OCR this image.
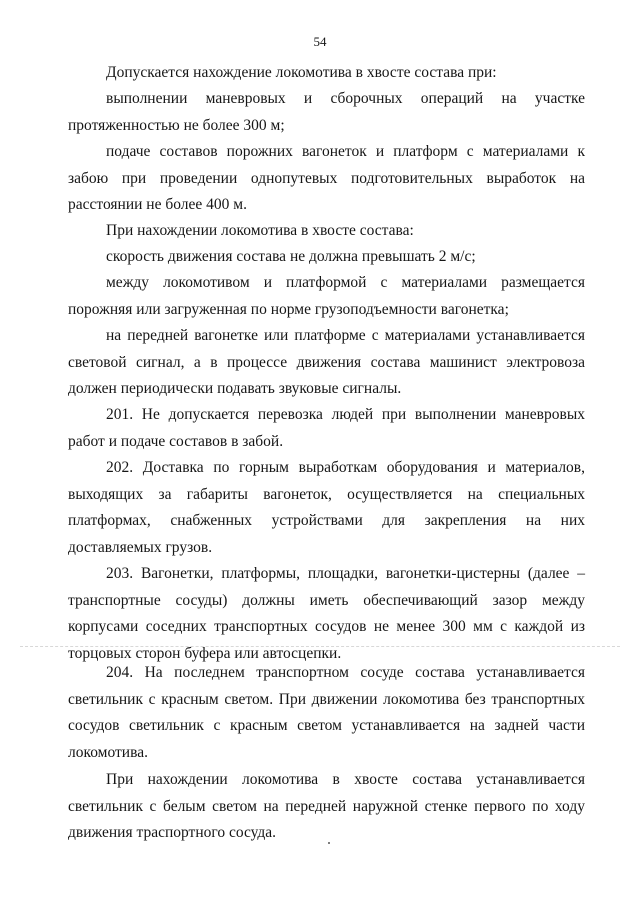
54

Допускается нахождение локомотива в хвосте состава при:

выполнении маневровых и сборочных операций на участке протяженностью не более 300 м;

подаче составов порожних вагонеток и платформ с материалами к забою при проведении однопутевых подготовительных выработок на расстоянии не более 400 м.

При нахождении локомотива в хвосте состава:

скорость движения состава не должна превышать 2 м/с;

между локомотивом и платформой с материалами размещается порожняя или загруженная по норме грузоподъемности вагонетка;

на передней вагонетке или платформе с материалами устанавливается световой сигнал, а в процессе движения состава машинист электровоза должен периодически подавать звуковые сигналы.

201. Не допускается перевозка людей при выполнении маневровых работ и подаче составов в забой.

202. Доставка по горным выработкам оборудования и материалов, выходящих за габариты вагонеток, осуществляется на специальных платформах, снабженных устройствами для закрепления на них доставляемых грузов.

203. Вагонетки, платформы, площадки, вагонетки-цистерны (далее – транспортные сосуды) должны иметь обеспечивающий зазор между корпусами соседних транспортных сосудов не менее 300 мм с каждой из торцовых сторон буфера или автосцепки.

204. На последнем транспортном сосуде состава устанавливается светильник с красным светом. При движении локомотива без транспортных сосудов светильник с красным светом устанавливается на задней части локомотива.

При нахождении локомотива в хвосте состава устанавливается светильник с белым светом на передней наружной стенке первого по ходу движения траспортного сосуда.
